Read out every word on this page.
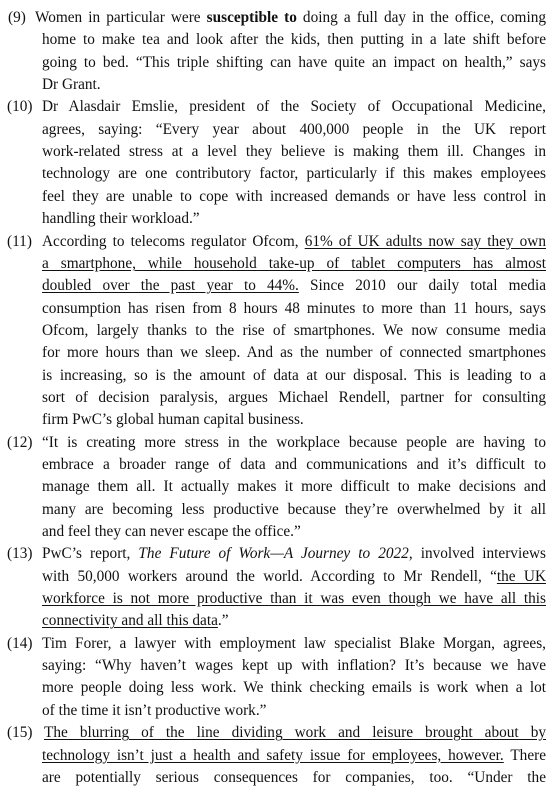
(9) Women in particular were susceptible to doing a full day in the office, coming
home to make tea and look after the kids, then putting in a late shift before
going to bed. “This triple shifting can have quite an impact on health,” says
Dr Grant.
(10) Dr Alasdair Emslie, president of the Society of Occupational Medicine,
agrees, saying: “Every year about 400,000 people in the UK report
work-related stress at a level they believe is making them ill. Changes in
technology are one contributory factor, particularly if this makes employees
feel they are unable to cope with increased demands or have less control in
handling their workload.”
(11) According to telecoms regulator Ofcom, 61% of UK adults now say they own
a smartphone, while household take-up of tablet computers has almost
doubled over the past year to 44%. Since 2010 our daily total media
consumption has risen from 8 hours 48 minutes to more than 11 hours, says
Ofcom, largely thanks to the rise of smartphones. We now consume media
for more hours than we sleep. And as the number of connected smartphones
is increasing, so is the amount of data at our disposal. This is leading to a
sort of decision paralysis, argues Michael Rendell, partner for consulting
firm PwC’s global human capital business.
(12) “It is creating more stress in the workplace because people are having to
embrace a broader range of data and communications and it’s difficult to
manage them all. It actually makes it more difficult to make decisions and
many are becoming less productive because they’re overwhelmed by it all
and feel they can never escape the office.”
(13) PwC’s report, The Future of Work—A Journey to 2022, involved interviews
with 50,000 workers around the world. According to Mr Rendell, “the UK
workforce is not more productive than it was even though we have all this
connectivity and all this data.”
(14) Tim Forer, a lawyer with employment law specialist Blake Morgan, agrees,
saying: “Why haven’t wages kept up with inflation? It’s because we have
more people doing less work. We think checking emails is work when a lot
of the time it isn’t productive work.”
(15) The blurring of the line dividing work and leisure brought about by
technology isn’t just a health and safety issue for employees, however. There
are potentially serious consequences for companies, too. “Under the
